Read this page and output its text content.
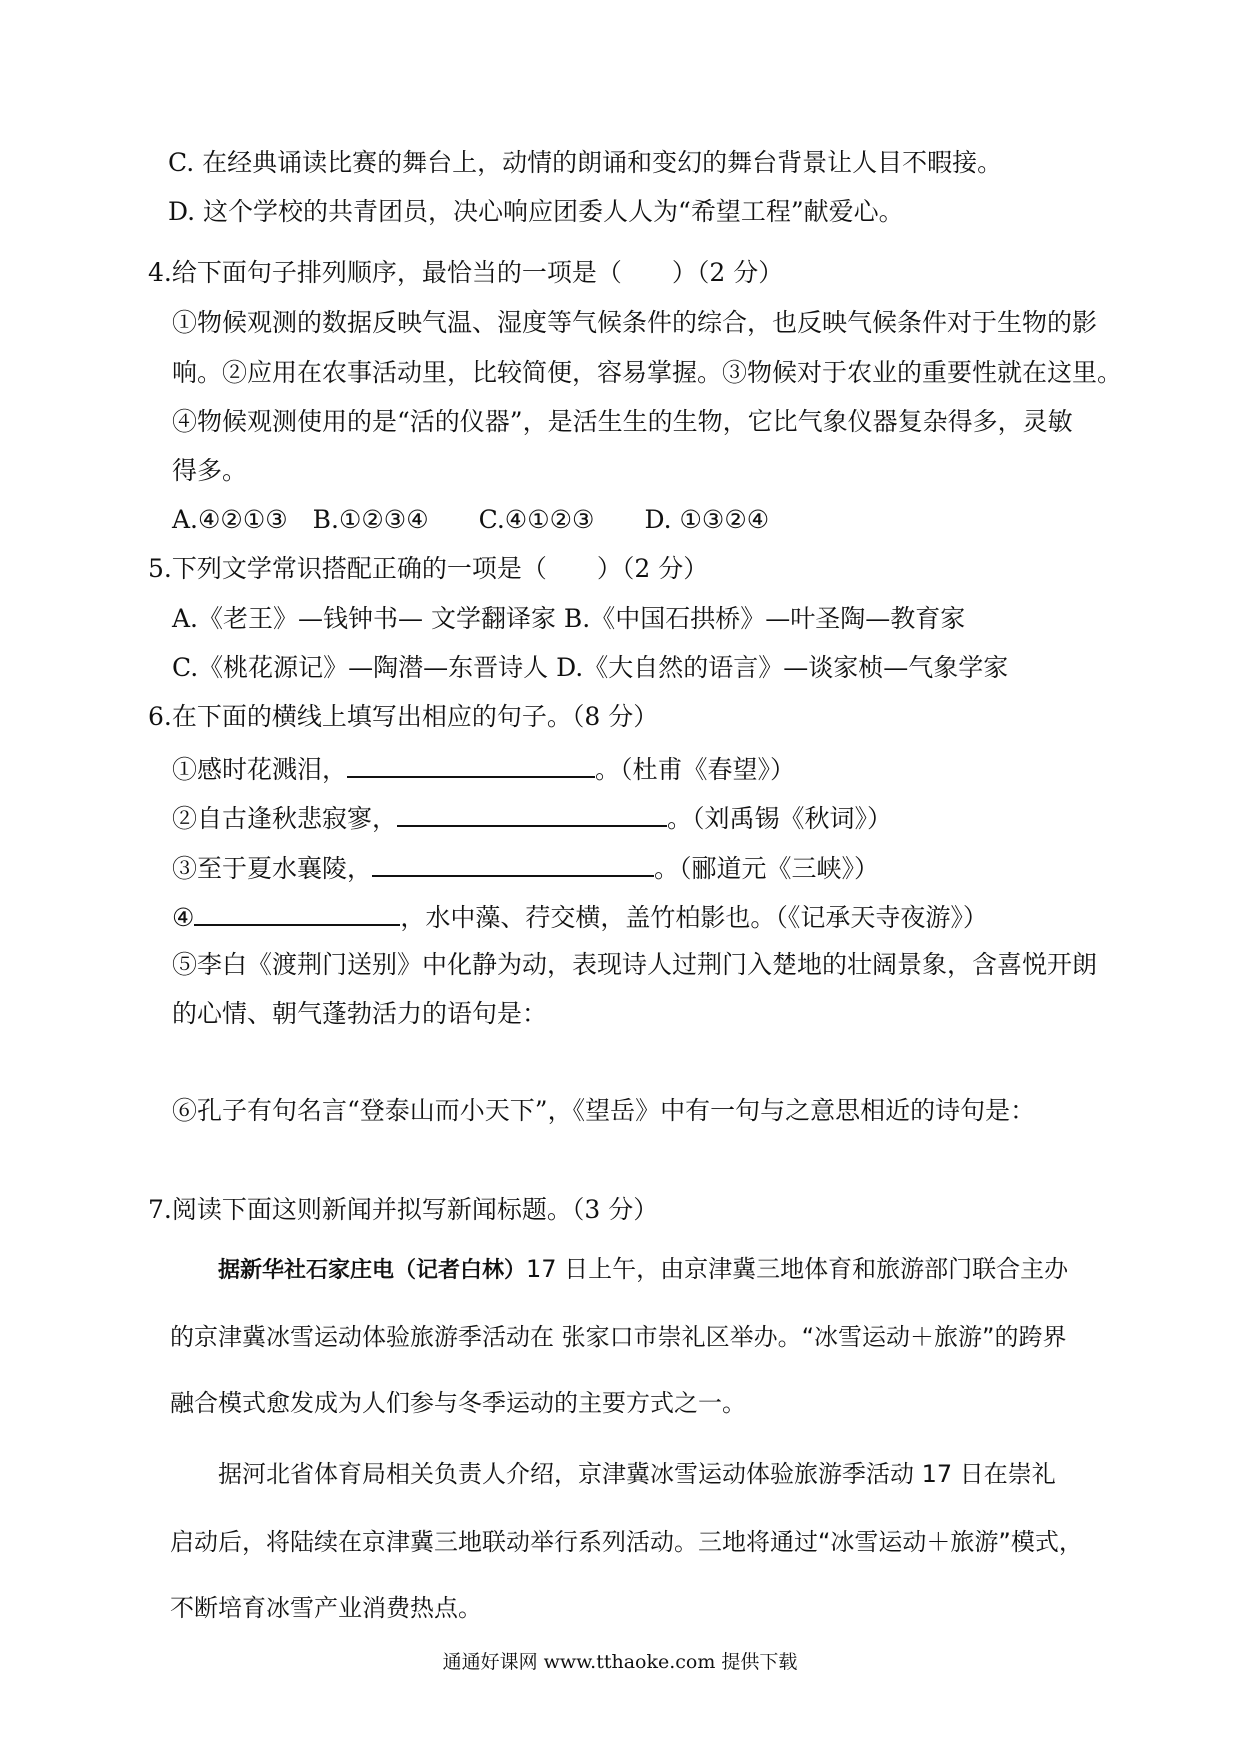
C. 在经典诵读比赛的舞台上，动情的朗诵和变幻的舞台背景让人目不暇接。
D. 这个学校的共青团员，决心响应团委人人为“希望工程”献爱心。
4.给下面句子排列顺序，最恰当的一项是（　　）（2 分）
①物候观测的数据反映气温、湿度等气候条件的综合，也反映气候条件对于生物的影
响。②应用在农事活动里，比较简便，容易掌握。③物候对于农业的重要性就在这里。
④物候观测使用的是“活的仪器”，是活生生的生物，它比气象仪器复杂得多，灵敏
得多。
A.④②①③　B.①②③④　　C.④①②③　　D. ①③②④
5.下列文学常识搭配正确的一项是（　　）（2 分）
A.《老王》—钱钟书— 文学翻译家 B.《中国石拱桥》—叶圣陶—教育家
C.《桃花源记》—陶潜—东晋诗人 D.《大自然的语言》—谈家桢—气象学家
6.在下面的横线上填写出相应的句子。（8 分）
①感时花溅泪，	。（杜甫《春望》）
②自古逢秋悲寂寥，	。（刘禹锡《秋词》）
③至于夏水襄陵，	。（郦道元《三峡》）
④	，水中藻、荇交横，盖竹柏影也。（《记承天寺夜游》）
⑤李白《渡荆门送别》中化静为动，表现诗人过荆门入楚地的壮阔景象，含喜悦开朗
的心情、朝气蓬勃活力的语句是：
⑥孔子有句名言“登泰山而小天下”，《望岳》中有一句与之意思相近的诗句是：
7.阅读下面这则新闻并拟写新闻标题。（3 分）
据新华社石家庄电（记者白林）17 日上午，由京津冀三地体育和旅游部门联合主办
的京津冀冰雪运动体验旅游季活动在 张家口市崇礼区举办。“冰雪运动＋旅游”的跨界
融合模式愈发成为人们参与冬季运动的主要方式之一。
据河北省体育局相关负责人介绍，京津冀冰雪运动体验旅游季活动 17 日在崇礼
启动后，将陆续在京津冀三地联动举行系列活动。三地将通过“冰雪运动＋旅游”模式，
不断培育冰雪产业消费热点。
通通好课网 www.tthaoke.com 提供下载
